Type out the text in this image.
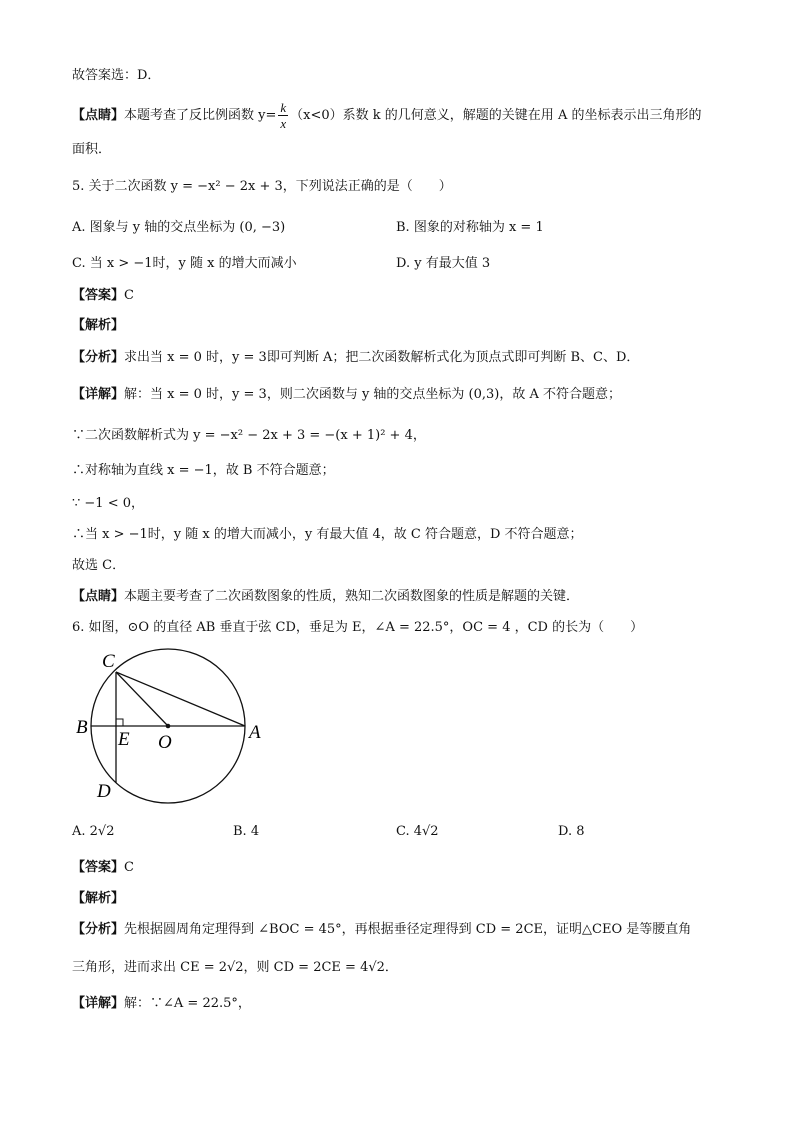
故答案选：D．
【点睛】本题考查了反比例函数 $y= \frac{k}{x} (x<0)$系数 k 的几何意义，解题的关键在用 A 的坐标表示出三角形的
面积．
5. 关于二次函数 y = −x² − 2x + 3，下列说法正确的是（　　）
A. 图象与 y 轴的交点坐标为 (0, −3)	B. 图象的对称轴为 x = 1
C. 当 x > −1时，y 随 x 的增大而减小	D. y 有最大值 3
【答案】C
【解析】
【分析】求出当 x = 0 时，y = 3即可判断 A；把二次函数解析式化为顶点式即可判断 B、C、D．
【详解】解：当 x = 0 时，y = 3，则二次函数与 y 轴的交点坐标为 (0,3)，故 A 不符合题意；
∵二次函数解析式为 y = −x² − 2x + 3 = −(x + 1)² + 4，
∴对称轴为直线 x = −1，故 B 不符合题意；
∵ −1 < 0，
∴当 x > −1时，y 随 x 的增大而减小，y 有最大值 4，故 C 符合题意，D 不符合题意；
故选 C．
【点睛】本题主要考查了二次函数图象的性质，熟知二次函数图象的性质是解题的关键．
6. 如图，⊙O 的直径 AB 垂直于弦 CD，垂足为 E，∠A = 22.5°，OC = 4 ，CD 的长为（　　）
C
B
E O	A
D
A. 2√2	B. 4	C. 4√2	D. 8
【答案】C
【解析】
【分析】先根据圆周角定理得到 ∠BOC = 45°，再根据垂径定理得到 CD = 2CE，证明△CEO 是等腰直角
三角形，进而求出 CE = 2√2，则 CD = 2CE = 4√2．
【详解】解：∵∠A = 22.5°，
